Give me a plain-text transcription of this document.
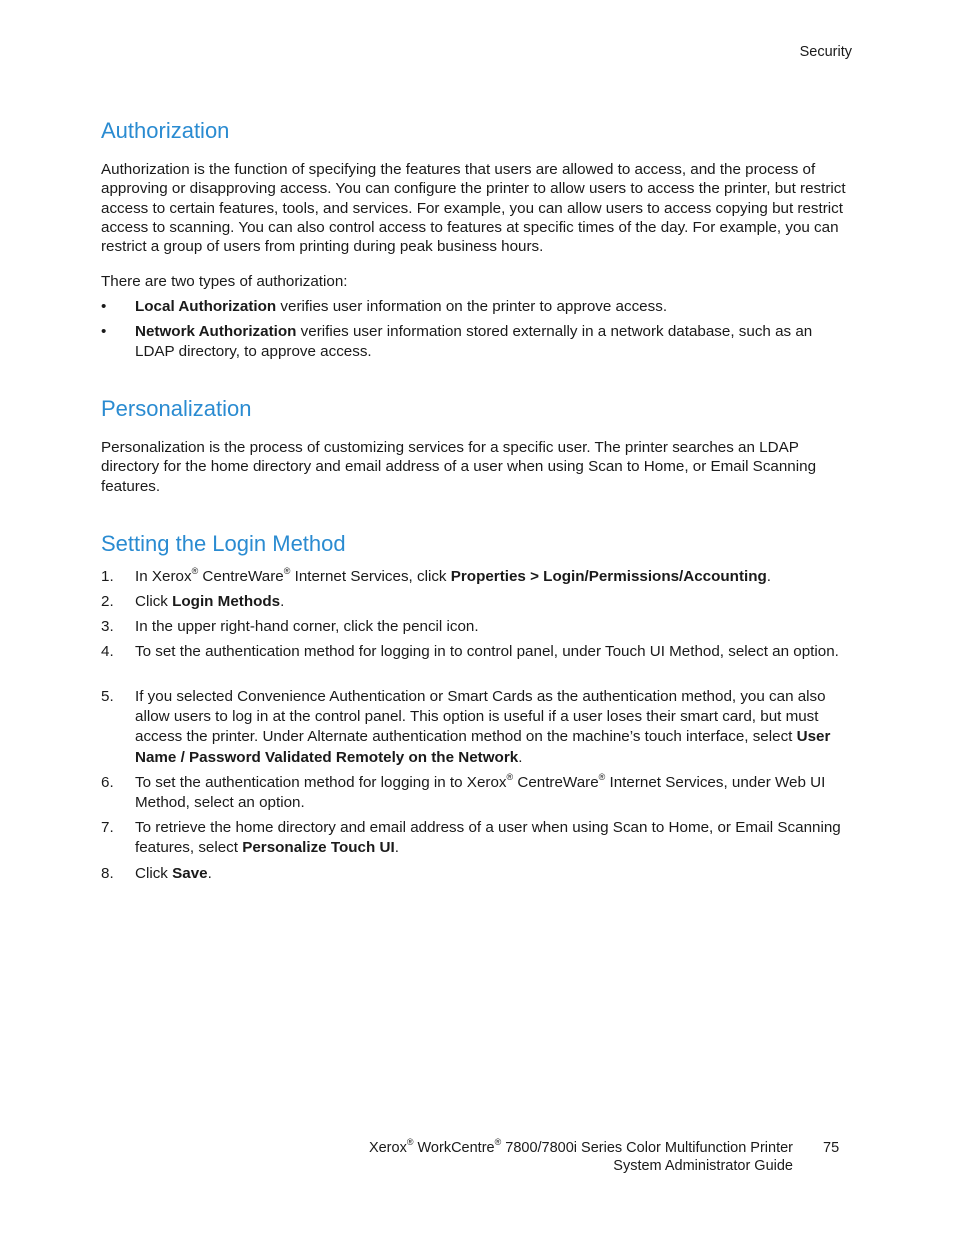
Security
Authorization

Authorization is the function of specifying the features that users are allowed to access, and the process of approving or disapproving access. You can configure the printer to allow users to access the printer, but restrict access to certain features, tools, and services. For example, you can allow users to access copying but restrict access to scanning. You can also control access to features at specific times of the day. For example, you can restrict a group of users from printing during peak business hours.

There are two types of authorization:

• Local Authorization verifies user information on the printer to approve access.
• Network Authorization verifies user information stored externally in a network database, such as an LDAP directory, to approve access.
Personalization

Personalization is the process of customizing services for a specific user. The printer searches an LDAP directory for the home directory and email address of a user when using Scan to Home, or Email Scanning features.

Setting the Login Method
1. In Xerox® CentreWare® Internet Services, click Properties > Login/Permissions/Accounting.
2. Click Login Methods.
3. In the upper right-hand corner, click the pencil icon.
4. To set the authentication method for logging in to control panel, under Touch UI Method, select an option.
5. If you selected Convenience Authentication or Smart Cards as the authentication method, you can also allow users to log in at the control panel. This option is useful if a user loses their smart card, but must access the printer. Under Alternate authentication method on the machine’s touch interface, select User Name / Password Validated Remotely on the Network.
6. To set the authentication method for logging in to Xerox® CentreWare® Internet Services, under Web UI Method, select an option.
7. To retrieve the home directory and email address of a user when using Scan to Home, or Email Scanning features, select Personalize Touch UI.
8. Click Save.
Xerox® WorkCentre® 7800/7800i Series Color Multifunction Printer
System Administrator Guide
75
